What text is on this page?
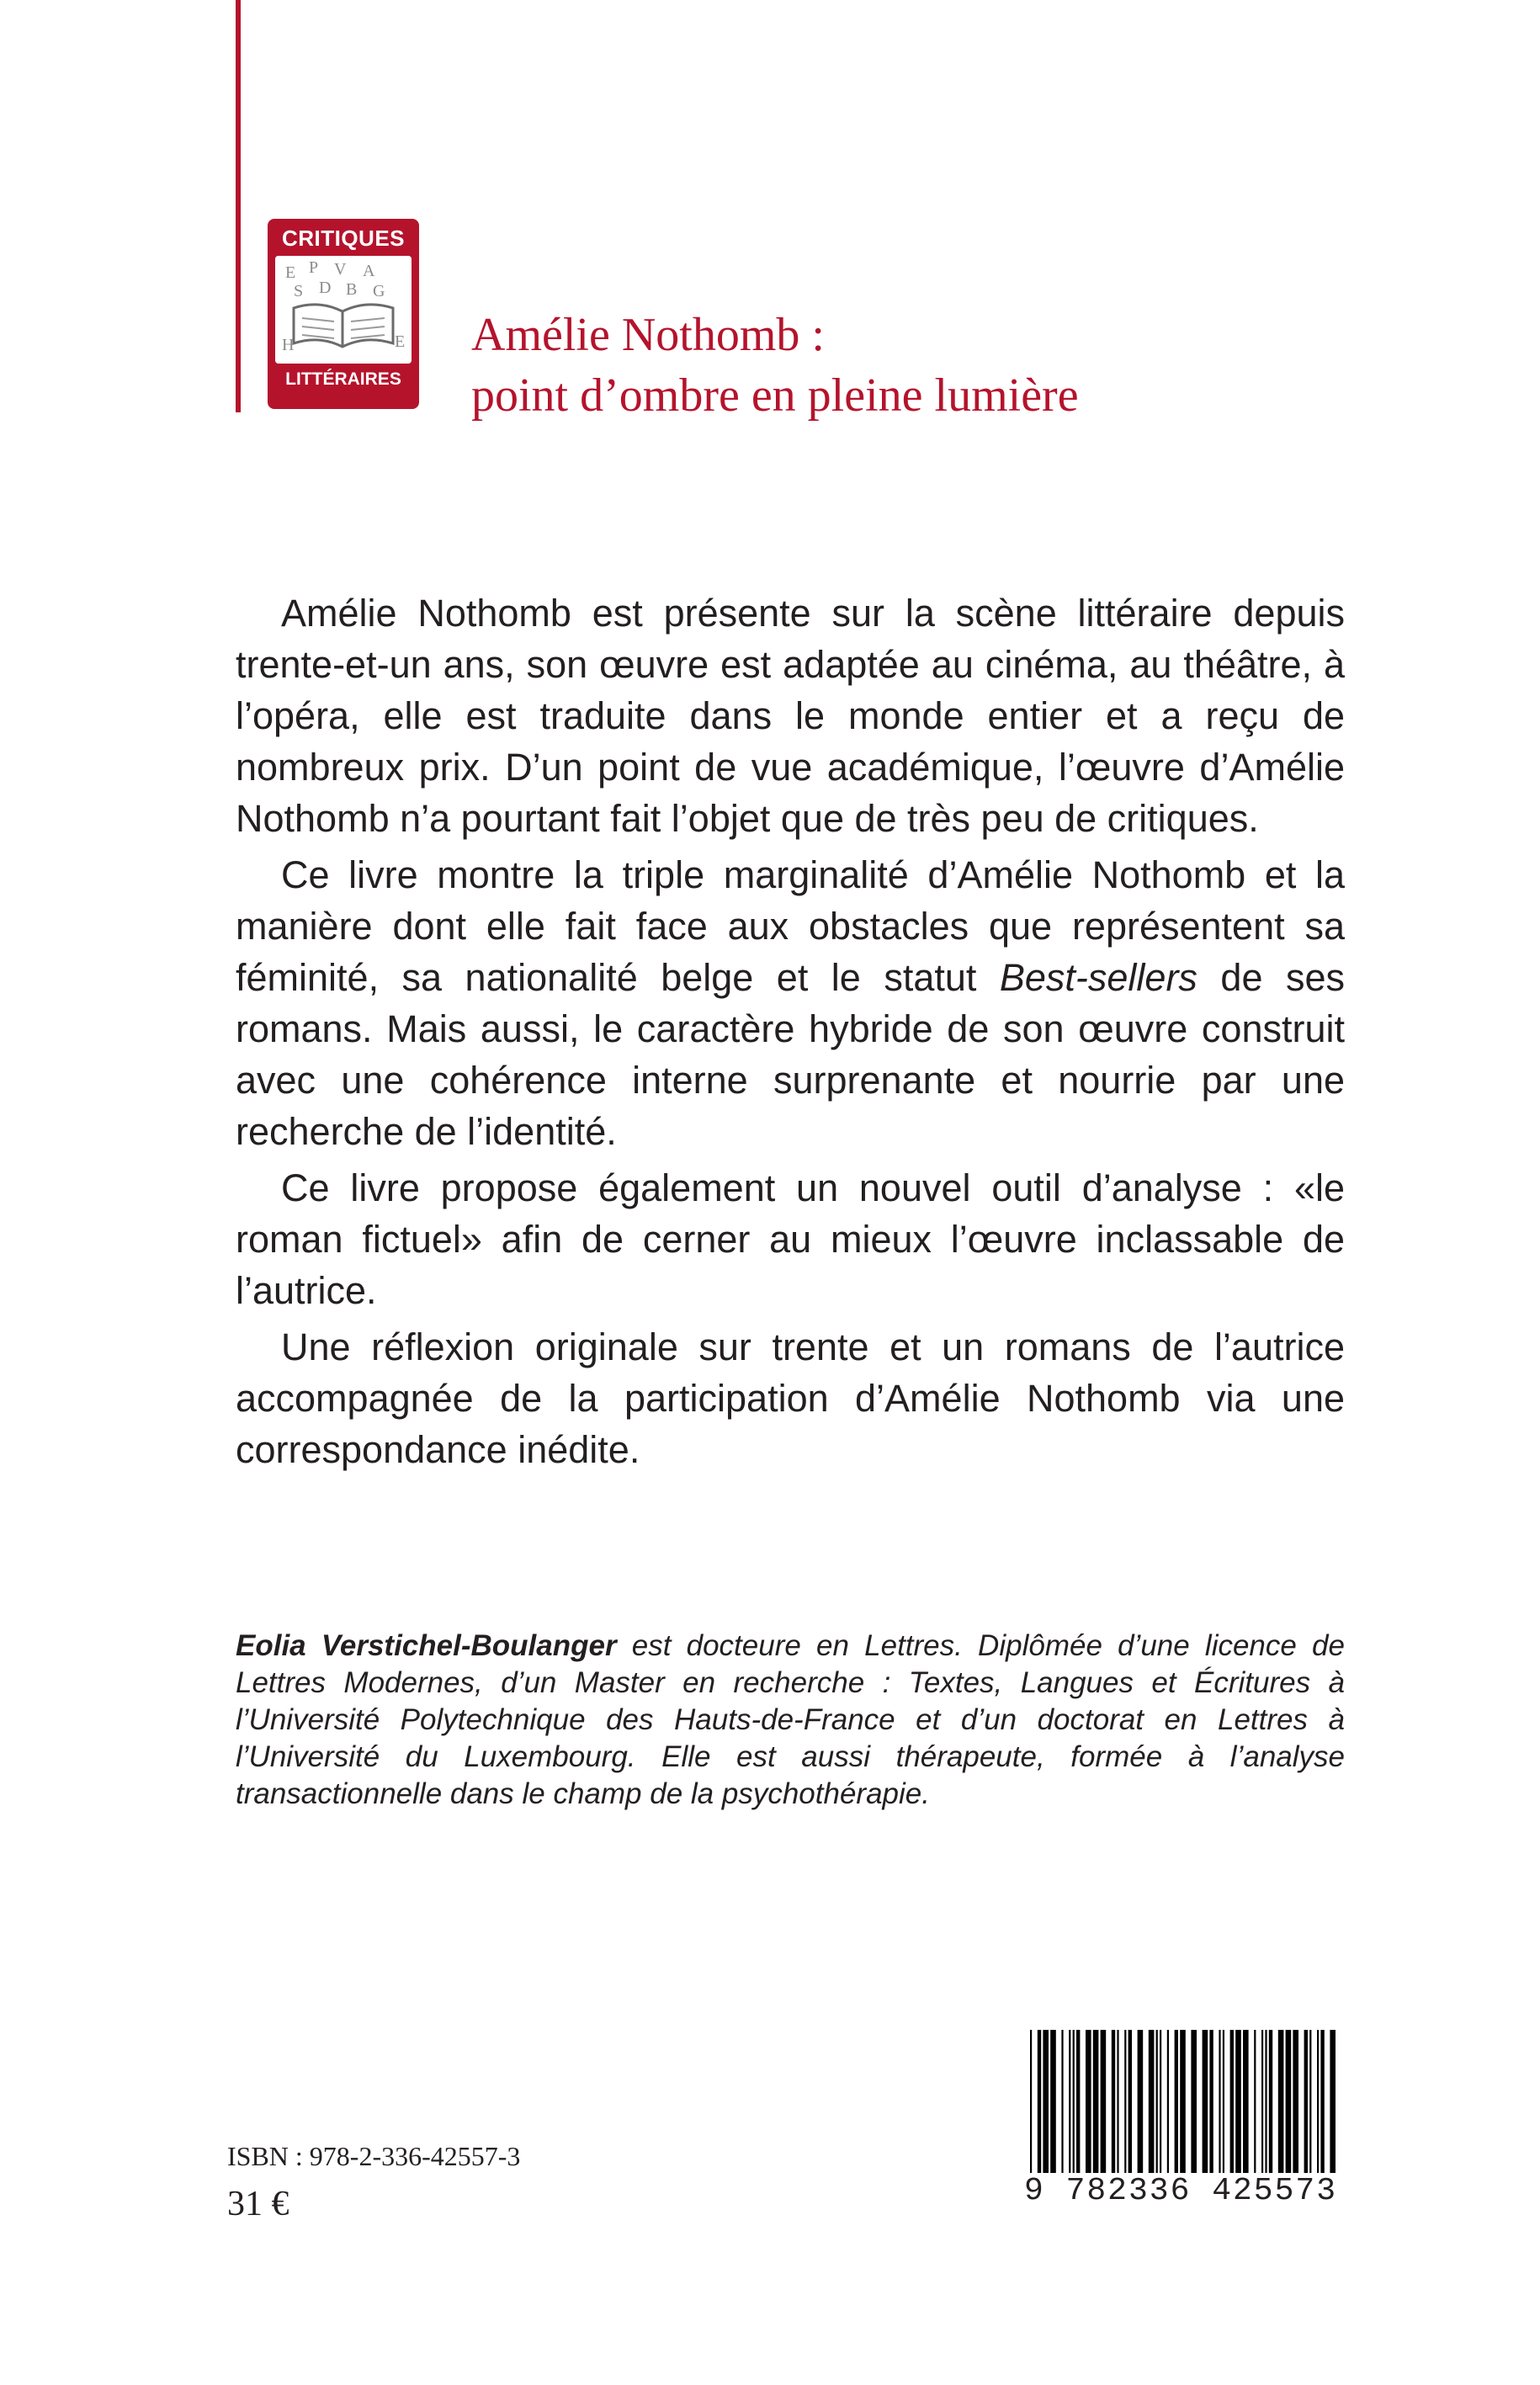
CRITIQUES
E P V A
S D B G
H	E
LITTÉRAIRES
Amélie Nothomb :
point d’ombre en pleine lumière

Amélie Nothomb est présente sur la scène littéraire depuis trente-et-un ans, son œuvre est adaptée au cinéma, au théâtre, à l’opéra, elle est traduite dans le monde entier et a reçu de nombreux prix. D’un point de vue académique, l’œuvre d’Amélie Nothomb n’a pourtant fait l’objet que de très peu de critiques.

Ce livre montre la triple marginalité d’Amélie Nothomb et la manière dont elle fait face aux obstacles que représentent sa féminité, sa nationalité belge et le statut Best-sellers de ses romans. Mais aussi, le caractère hybride de son œuvre construit avec une cohérence interne surprenante et nourrie par une recherche de l’identité.

Ce livre propose également un nouvel outil d’analyse : «le roman fictuel» afin de cerner au mieux l’œuvre inclassable de l’autrice.

Une réflexion originale sur trente et un romans de l’autrice accompagnée de la participation d’Amélie Nothomb via une correspondance inédite.

Eolia Verstichel-Boulanger est docteure en Lettres. Diplômée d’une licence de Lettres Modernes, d’un Master en recherche : Textes, Langues et Écritures à l’Université Polytechnique des Hauts-de-France et d’un doctorat en Lettres à l’Université du Luxembourg. Elle est aussi thérapeute, formée à l’analyse transactionnelle dans le champ de la psychothérapie.
ISBN : 978-2-336-42557-3
31 €	9 782336 425573
